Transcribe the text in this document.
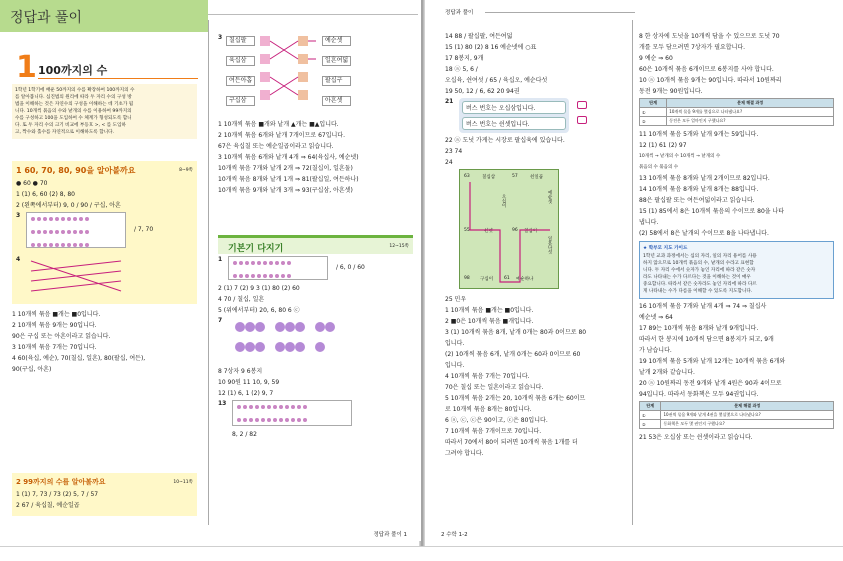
정답과 풀이
1 100까지의 수
1학년 1학기에 배운 50까지의 수를 확장하여 100까지의 수
를 알아봅니다. 십진법의 원리에 따라 두 자리 수의 구성 방
법을 이해하는 것은 자연수의 구성을 이해하는 데 기초가 됩
니다. 10개씩 묶음의 수와 낱개의 수를 이용하여 99까지의
수를 구성하고 100을 도입하여 수 체계가 형성되도록 합니
다. 또 두 자리 수의 크기 비교에 부등호 >, < 를 도입하
고, 짝수와 홀수를 자연적으로 이해하도록 합니다.
1 60, 70, 80, 90을 알아볼까요	8~9쪽
● 60 ● 70
1 (1) 6, 60 (2) 8, 80
2 (왼쪽에서부터) 9, 0 / 90 / 구십, 아흔
3
/ 7, 70
4
1 10개씩 묶음 ■개는 ■0입니다.
2 10개씩 묶음 9개는 90입니다.
90은 구십 또는 아흔이라고 읽습니다.
3 10개씩 묶음 7개는 70입니다.
4 60(육십, 예순), 70(칠십, 일흔), 80(팔십, 여든),
90(구십, 아흔)
2 99까지의 수를 알아볼까요	10~11쪽
1 (1) 7, 73 / 73 (2) 5, 7 / 57
2 67 / 육십칠, 예순일곱
3	칠십팔
육십삼
여든아홉
구십삼
예순셋
일흔여덟
팔십구
아흔셋
1 10개씩 묶음 ■개와 낱개 ▲개는 ■▲입니다.
2 10개씩 묶음 6개와 낱개 7개이므로 67입니다.
67은 육십칠 또는 예순일곱이라고 읽습니다.
3 10개씩 묶음 6개와 낱개 4개 ⇒ 64(육십사, 예순넷)
10개씩 묶음 7개와 낱개 2개 ⇒ 72(칠십이, 일흔둘)
10개씩 묶음 8개와 낱개 1개 ⇒ 81(팔십일, 여든하나)
10개씩 묶음 9개와 낱개 3개 ⇒ 93(구십삼, 아흔셋)
기본기 다지기	12~15쪽
1
/ 6, 0 / 60
2 (1) 7 (2) 9 3 (1) 80 (2) 60
4 70 / 칠십, 일흔
5 (위에서부터) 20, 6, 80 6 ⓒ
7
8 7상자 9 6봉지
10 90원 11 10, 9, 59
12 (1) 6, 1 (2) 9, 7
13
8, 2 / 82
정답과 풀이 1
정답과 풀이
14 88 / 팔십팔, 여든여덟
15 (1) 80 (2) 8 16 예순넷에 ○표
17 8봉지, 9개
18 ⓐ 5, 6 /
오십육, 쉰여섯 / 65 / 육십오, 예순다섯
19 50, 12 / 6, 62 20 94권
21
버스 번호는 오십삼입니다.
버스 번호는 쉰셋입니다.
22 ⓐ 도넛 가게는 시장로 팔십육에 있습니다.
23 74
24
63	칠십삼	57	쉰일곱
예순셋
오십이
55	쉰넷	96 칠십이
일흔다섯
98 구십이 61 예순하나
25 민우
1 10개씩 묶음 ■개는 ■0입니다.
2 ■0은 10개씩 묶음 ■개입니다.
3 (1) 10개씩 묶음 8개, 낱개 0개는 80과 0이므로 80
입니다.
(2) 10개씩 묶음 6개, 낱개 0개는 60과 0이므로 60
입니다.
4 10개씩 묶음 7개는 70입니다.
70은 칠십 또는 일흔이라고 읽습니다.
5 10개씩 묶음 2개는 20, 10개씩 묶음 6개는 60이므
로 10개씩 묶음 8개는 80입니다.
6 ⓐ, ⓒ, ⓒ은 90이고, ⓒ은 80입니다.
7 10개씩 묶음 7개이므로 70입니다.
따라서 70에서 80이 되려면 10개씩 묶음 1개를 더
그려야 합니다.
8 한 상자에 도넛을 10개씩 담을 수 있으므로 도넛 70
개를 모두 담으려면 7상자가 필요합니다.
9 예순 ⇒ 60
60은 10개씩 묶음 6개이므로 6봉지를 사야 합니다.
10 ⓐ 10개씩 묶음 9개는 90입니다. 따라서 10원짜리
동전 9개는 90원입니다.
단계	문제 해결 과정
①	10개씩 묶음 9개를 몇십으로 나타냈나요?
②	동전은 모두 얼마인지 구했나요?
11 10개씩 묶음 5개와 낱개 9개는 59입니다.
12 (1) 61 (2) 97
10개씩 → 낱개의 수 10개씩 → 낱개의 수
묶음의 수 묶음의 수
13 10개씩 묶음 8개와 낱개 2개이므로 82입니다.
14 10개씩 묶음 8개와 낱개 8개는 88입니다.
88은 팔십팔 또는 여든여덟이라고 읽습니다.
15 (1) 85에서 8은 10개씩 묶음의 수이므로 80을 나타
냅니다.
(2) 58에서 8은 낱개의 수이므로 8을 나타냅니다.
★ 학부모 지도 가이드
1학년 교과 과정에서는 십의 자리, 일의 자리 용어를 사용
하지 않으므로 10개씩 묶음의 수, 낱개의 수라고 표현합
니다. 두 자리 수에서 숫자가 놓인 자리에 따라 같은 숫자
라도 나타내는 수가 다르다는 것을 이해하는 것이 매우
중요합니다. 따라서 같은 숫자라도 놓인 자리에 따라 다르
게 나타내는 수가 다름을 이해할 수 있도록 지도합니다.
16 10개씩 묶음 7개와 낱개 4개 ⇒ 74 ⇒ 칠십사
예순넷 ⇒ 64
17 89는 10개씩 묶음 8개와 낱개 9개입니다.
따라서 한 봉지에 10개씩 담으면 8봉지가 되고, 9개
가 남습니다.
19 10개씩 묶음 5개와 낱개 12개는 10개씩 묶음 6개와
낱개 2개와 같습니다.
20 ⓐ 10원짜리 동전 9개와 낱개 4원은 90과 4이므로
94입니다. 따라서 동화책은 모두 94권입니다.
단계	문제 해결 과정
①	10권씩 묶음 9개와 낱개 4권을 몇십몇으로 나타냈나요?
②	동화책은 모두 몇 권인지 구했나요?
21 53은 오십삼 또는 쉰셋이라고 읽습니다.
2 수학 1-2
